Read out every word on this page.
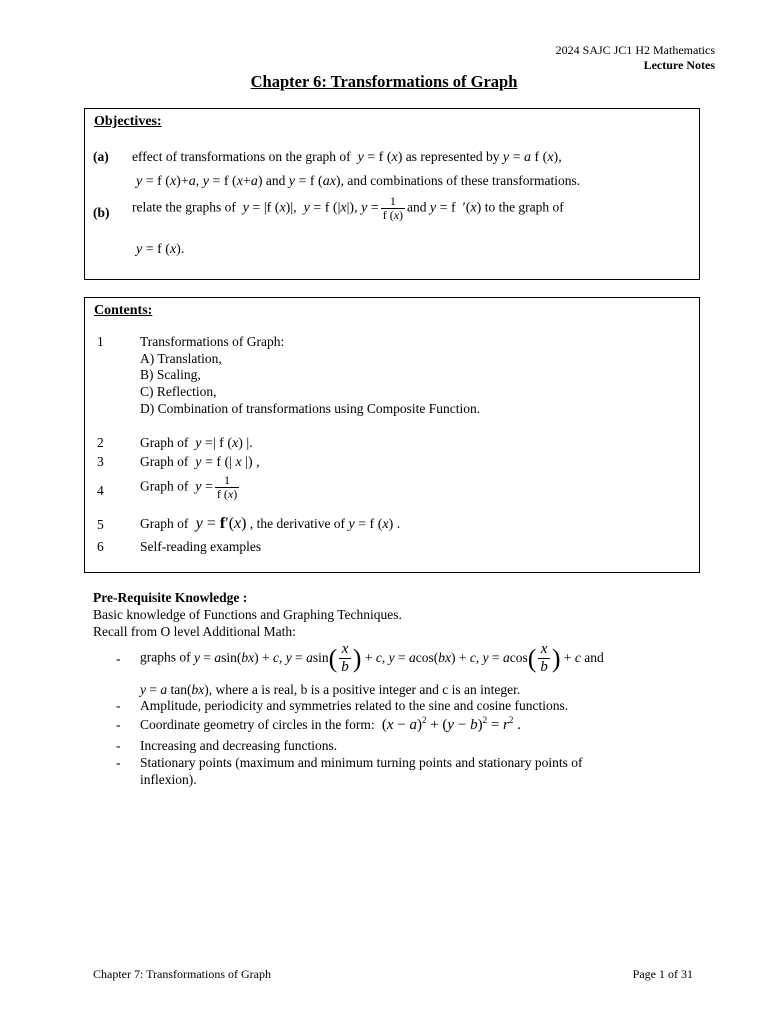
2024 SAJC JC1 H2 Mathematics
Lecture Notes
Chapter 6: Transformations of Graph
Objectives:
(a) effect of transformations on the graph of y = f (x) as represented by y = a f (x),
y = f (x)+a, y = f (x+a) and y = f (ax), and combinations of these transformations.
(b) relate the graphs of y = |f (x)|,  y = f (|x|), $y = \frac{1}{f (x)}$ and y = f  ′(x) to the graph of
y = f (x).
Contents:
1	Transformations of Graph:
A) Translation,
B) Scaling,
C) Reflection,
D) Combination of transformations using Composite Function.
2	Graph of y =| f (x) |.
3	Graph of y = f (| x |) ,
4	Graph of $y = \frac{1}{f (x)}$
5	Graph of y = f′(x) , the derivative of y = f (x) .
6	Self-reading examples
Pre-Requisite Knowledge :
Basic knowledge of Functions and Graphing Techniques.
Recall from O level Additional Math:
- graphs of y = asin(bx) + c, $y = asin( \frac{x}{b}$ ) + c, y = acos(bx) + c, $y = acos( \frac{x}{b}$ ) + c and
y = a tan(bx), where a is real, b is a positive integer and c is an integer.
- Amplitude, periodicity and symmetries related to the sine and cosine functions.
- Coordinate geometry of circles in the form:  $(x - a)^2 + (y - b)^2 = r^2$ .
- Increasing and decreasing functions.
- Stationary points (maximum and minimum turning points and stationary points of
inflexion).
Chapter 7: Transformations of Graph	Page 1 of 31
